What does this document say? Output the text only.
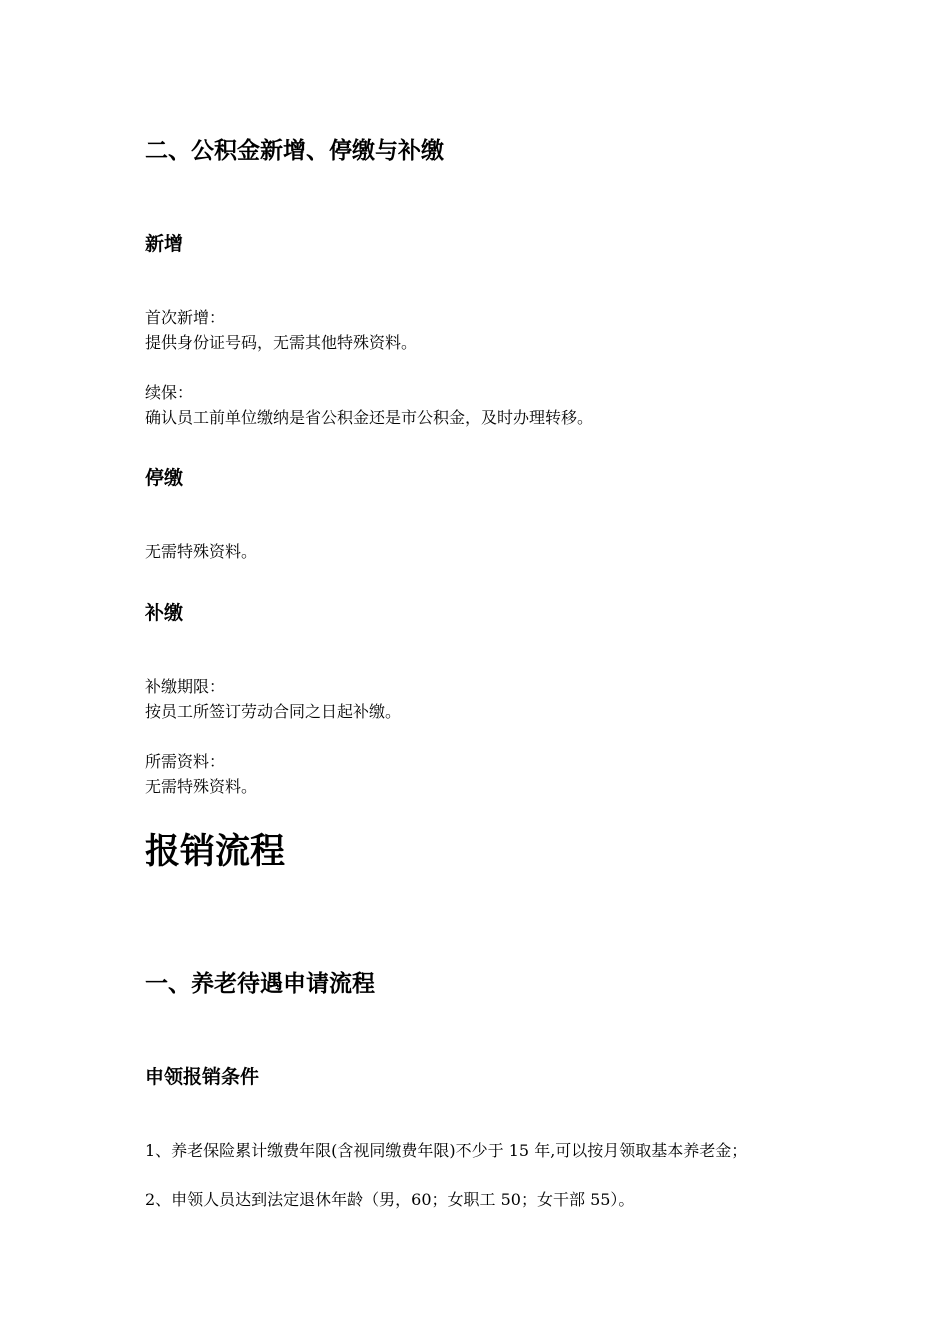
二、公积金新增、停缴与补缴
新增

首次新增：

提供身份证号码，无需其他特殊资料。

续保：

确认员工前单位缴纳是省公积金还是市公积金，及时办理转移。

停缴

无需特殊资料。

补缴

补缴期限：

按员工所签订劳动合同之日起补缴。

所需资料：

无需特殊资料。

报销流程
一、养老待遇申请流程
申领报销条件

1、养老保险累计缴费年限(含视同缴费年限)不少于 15 年,可以按月领取基本养老金；

2、申领人员达到法定退休年龄（男，60；女职工 50；女干部 55）。
